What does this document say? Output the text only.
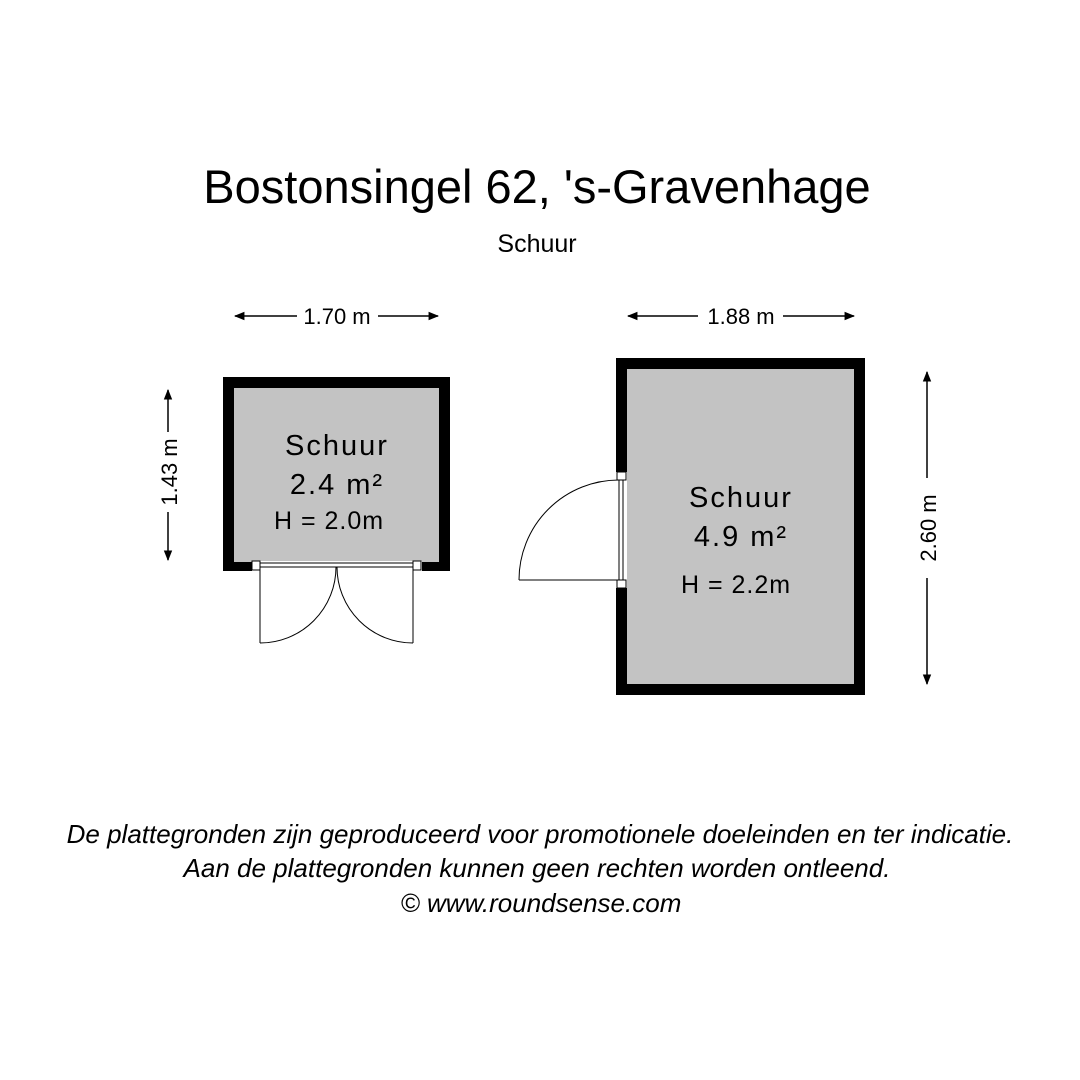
Bostonsingel 62, 's-Gravenhage
Schuur
1.70 m
1.43 m	Schuur
2.4 m²
H = 2.0m
1.88 m
2.60 m
Schuur
4.9 m²
H = 2.2m
De plattegronden zijn geproduceerd voor promotionele doeleinden en ter indicatie.
Aan de plattegronden kunnen geen rechten worden ontleend.
© www.roundsense.com
